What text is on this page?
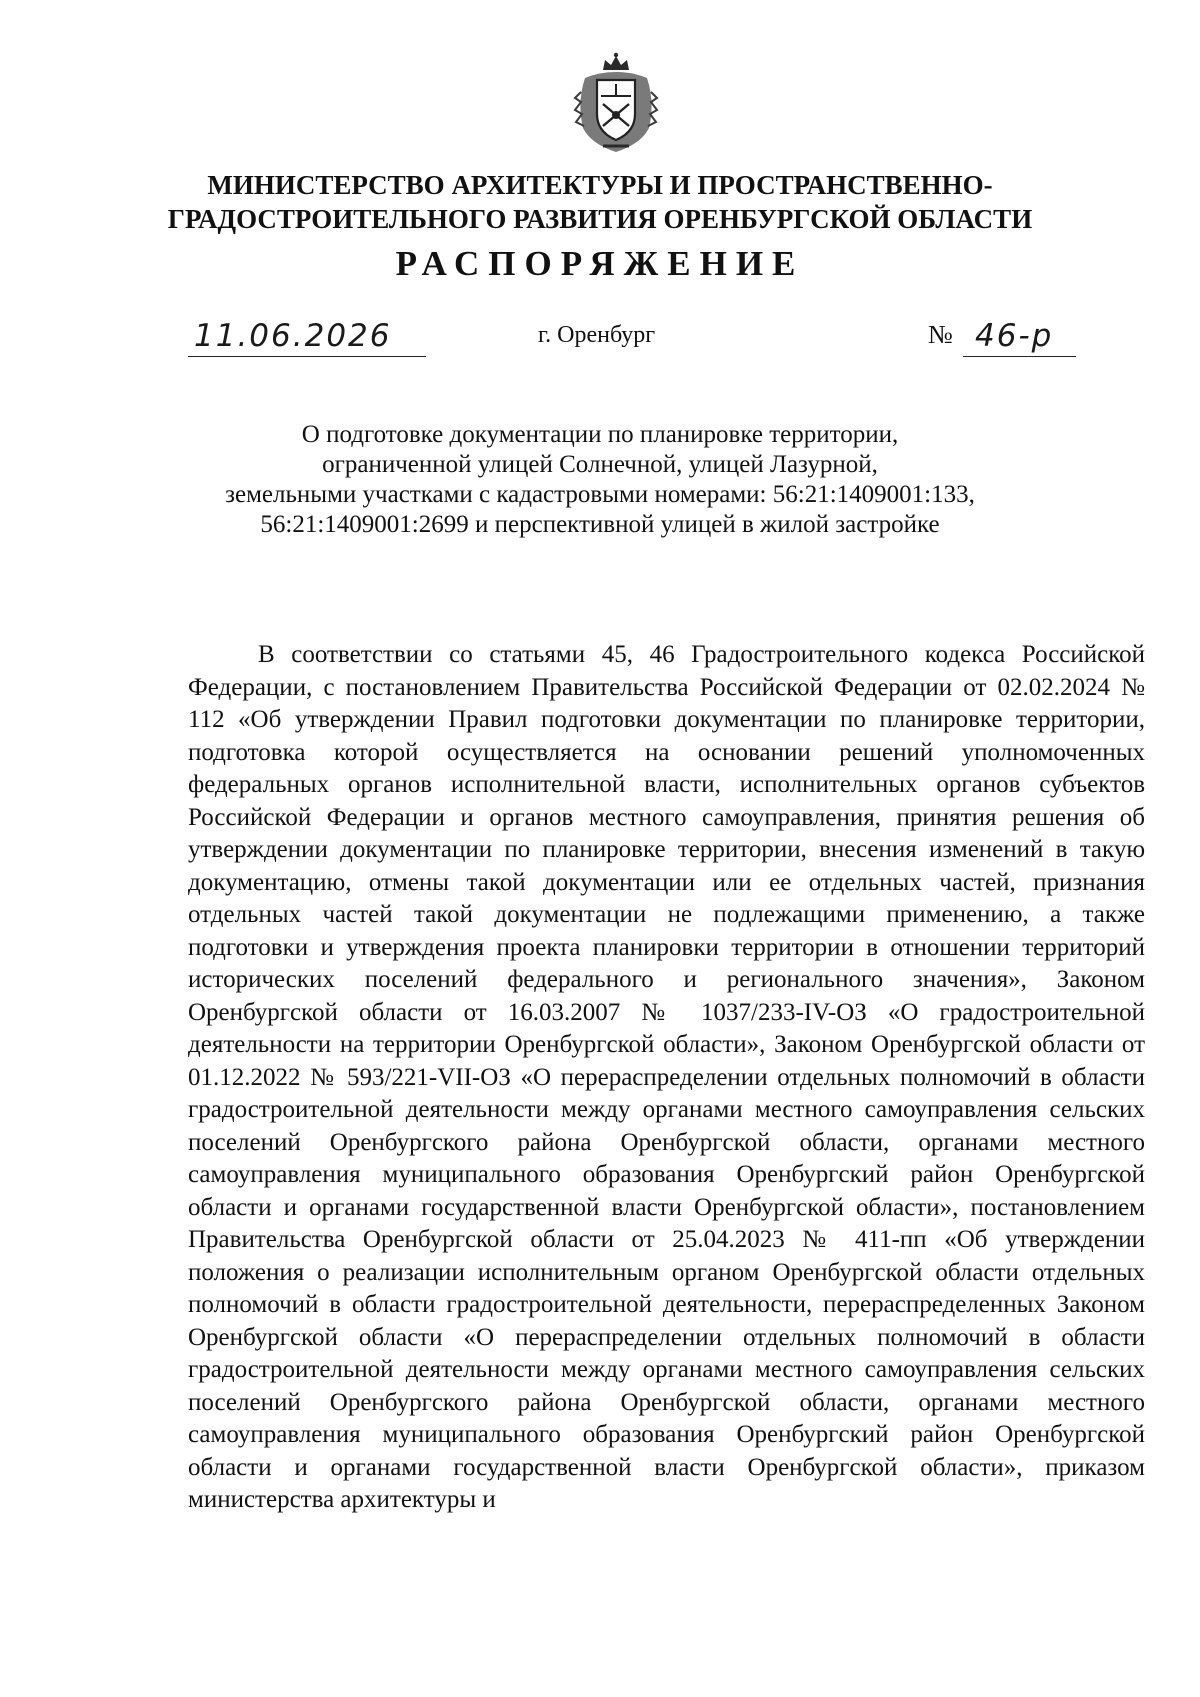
МИНИСТЕРСТВО АРХИТЕКТУРЫ И ПРОСТРАНСТВЕННО-
ГРАДОСТРОИТЕЛЬНОГО РАЗВИТИЯ ОРЕНБУРГСКОЙ ОБЛАСТИ
РАСПОРЯЖЕНИЕ
11.06.2026	г. Оренбург	№ 46-р
О подготовке документации по планировке территории,
ограниченной улицей Солнечной, улицей Лазурной,
земельными участками с кадастровыми номерами: 56:21:1409001:133,
56:21:1409001:2699 и перспективной улицей в жилой застройке

В соответствии со статьями 45, 46 Градостроительного кодекса Российской Федерации, с постановлением Правительства Российской Федерации от 02.02.2024 № 112 «Об утверждении Правил подготовки документации по планировке территории, подготовка которой осуществляется на основании решений уполномоченных федеральных органов исполнительной власти, исполнительных органов субъектов Российской Федерации и органов местного самоуправления, принятия решения об утверждении документации по планировке территории, внесения изменений в такую документацию, отмены такой документации или ее отдельных частей, признания отдельных частей такой документации не подлежащими применению, а также подготовки и утверждения проекта планировки территории в отношении территорий исторических поселений федерального и регионального значения», Законом Оренбургской области от 16.03.2007 № 1037/233-IV-ОЗ «О градостроительной деятельности на территории Оренбургской области», Законом Оренбургской области от 01.12.2022 № 593/221-VII-ОЗ «О перераспределении отдельных полномочий в области градостроительной деятельности между органами местного самоуправления сельских поселений Оренбургского района Оренбургской области, органами местного самоуправления муниципального образования Оренбургский район Оренбургской области и органами государственной власти Оренбургской области», постановлением Правительства Оренбургской области от 25.04.2023 № 411-пп «Об утверждении положения о реализации исполнительным органом Оренбургской области отдельных полномочий в области градостроительной деятельности, перераспределенных Законом Оренбургской области «О перераспределении отдельных полномочий в области градостроительной деятельности между органами местного самоуправления сельских поселений Оренбургского района Оренбургской области, органами местного самоуправления муниципального образования Оренбургский район Оренбургской области и органами государственной власти Оренбургской области», приказом министерства архитектуры и
